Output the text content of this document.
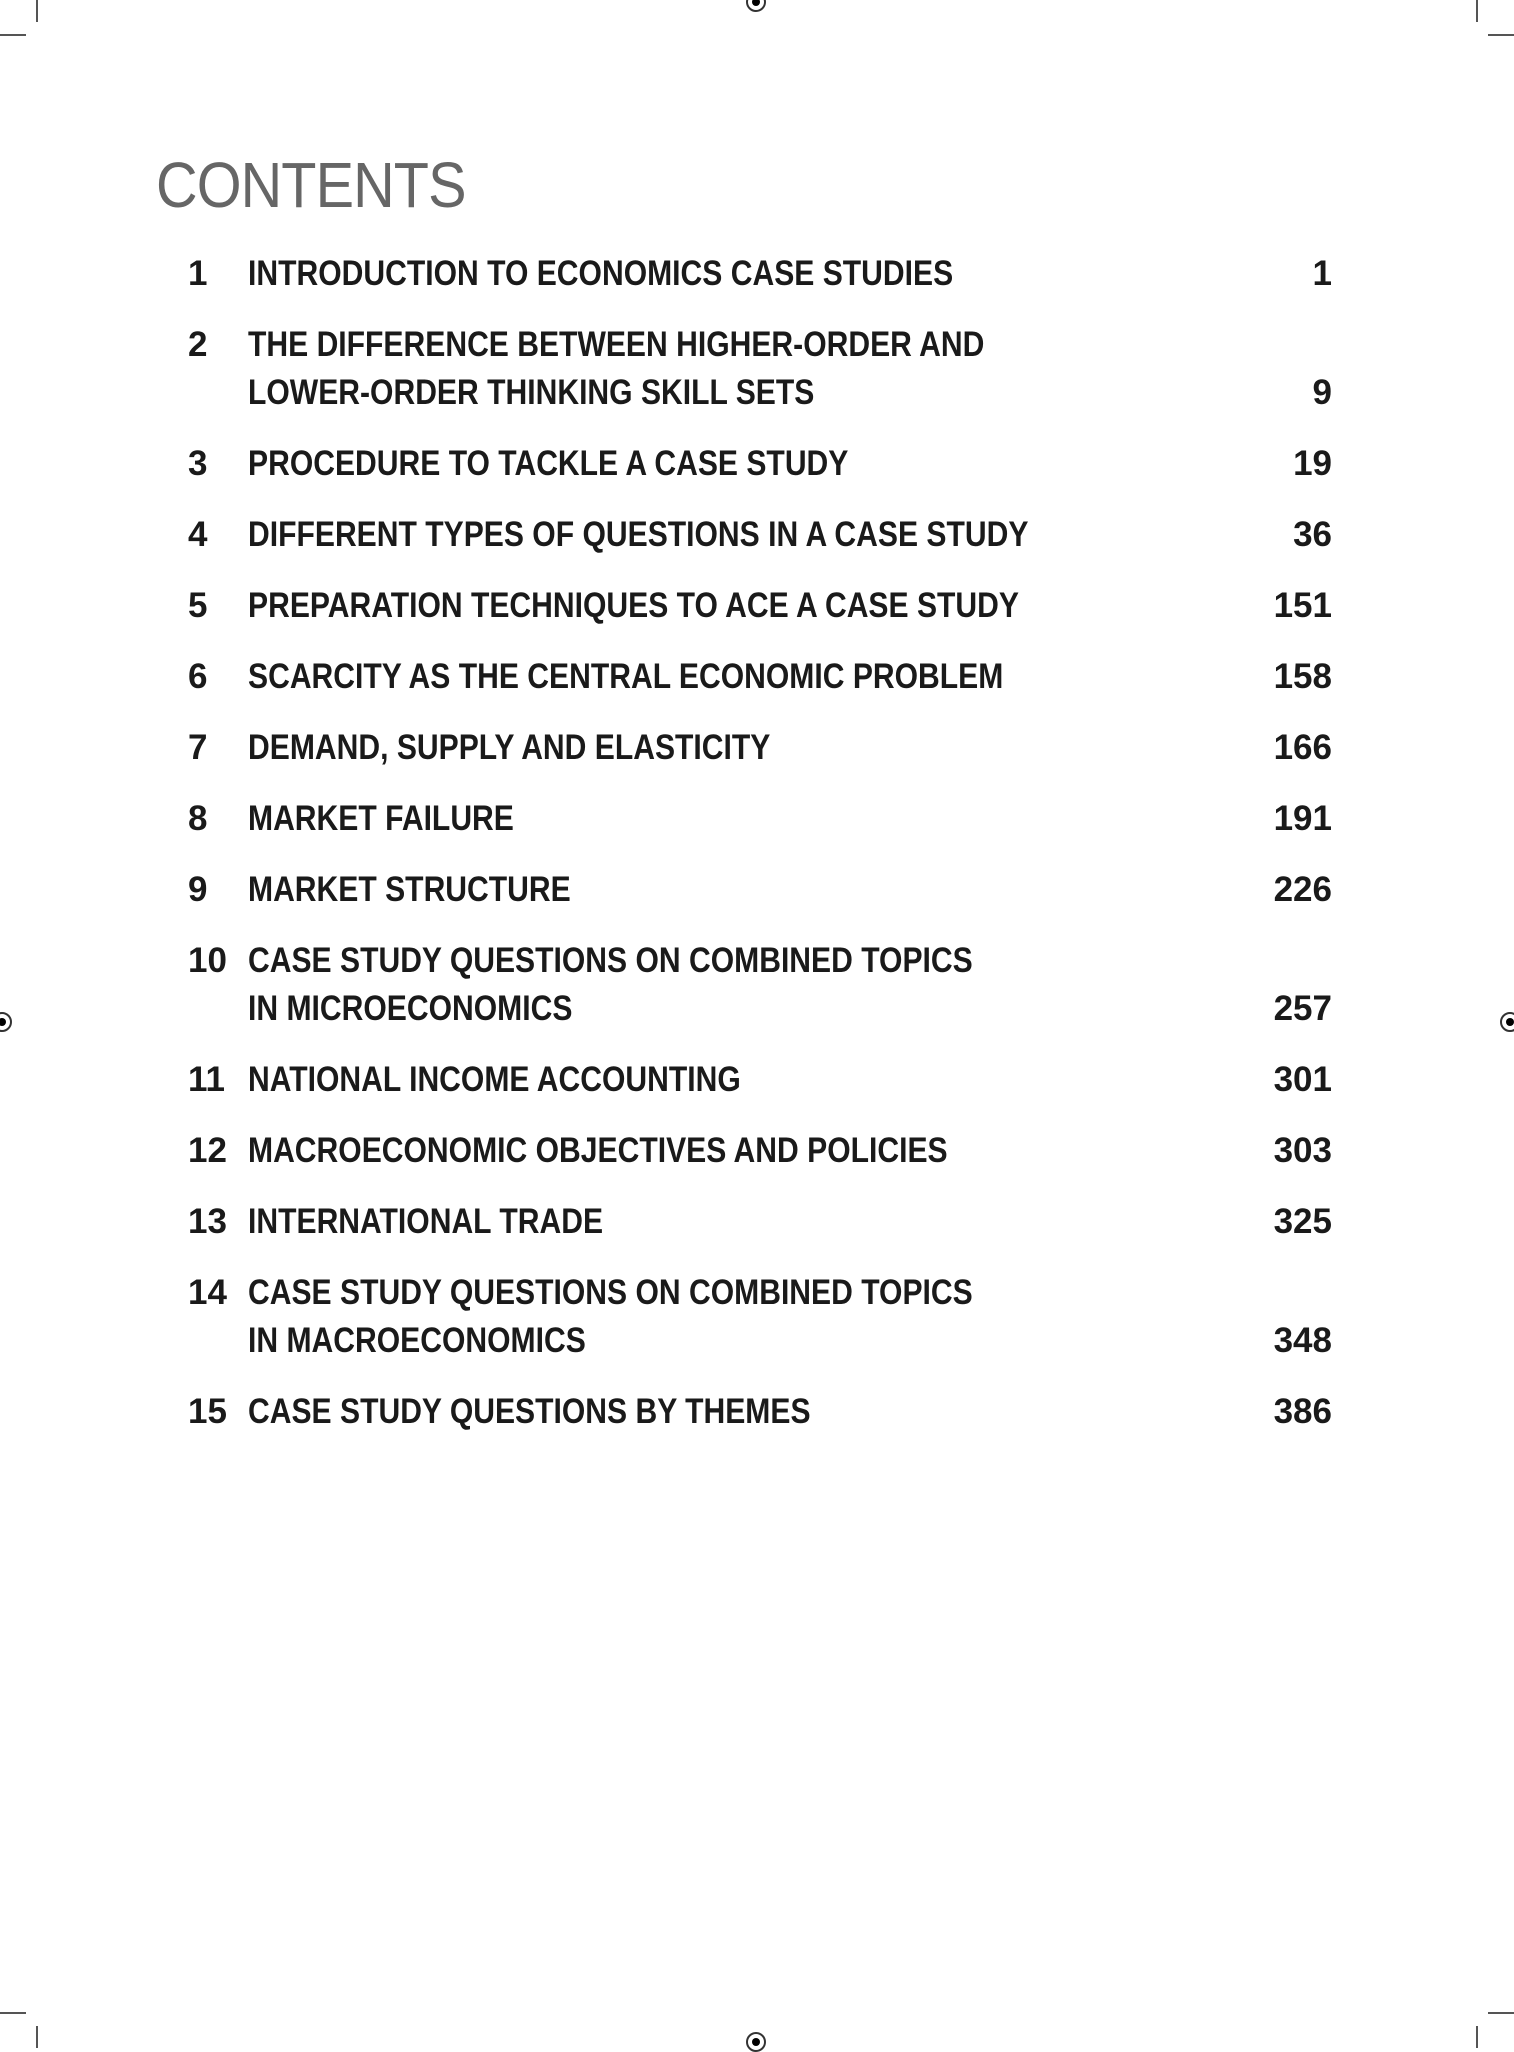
CONTENTS
1 INTRODUCTION TO ECONOMICS CASE STUDIES	1
2 THE DIFFERENCE BETWEEN HIGHER-ORDER AND
LOWER-ORDER THINKING SKILL SETS	9
3 PROCEDURE TO TACKLE A CASE STUDY	19
4 DIFFERENT TYPES OF QUESTIONS IN A CASE STUDY	36
5 PREPARATION TECHNIQUES TO ACE A CASE STUDY	151
6 SCARCITY AS THE CENTRAL ECONOMIC PROBLEM	158
7 DEMAND, SUPPLY AND ELASTICITY	166
8 MARKET FAILURE	191
9 MARKET STRUCTURE	226
10 CASE STUDY QUESTIONS ON COMBINED TOPICS
IN MICROECONOMICS	257
11 NATIONAL INCOME ACCOUNTING	301
12 MACROECONOMIC OBJECTIVES AND POLICIES	303
13 INTERNATIONAL TRADE	325
14 CASE STUDY QUESTIONS ON COMBINED TOPICS
IN MACROECONOMICS	348
15 CASE STUDY QUESTIONS BY THEMES	386
